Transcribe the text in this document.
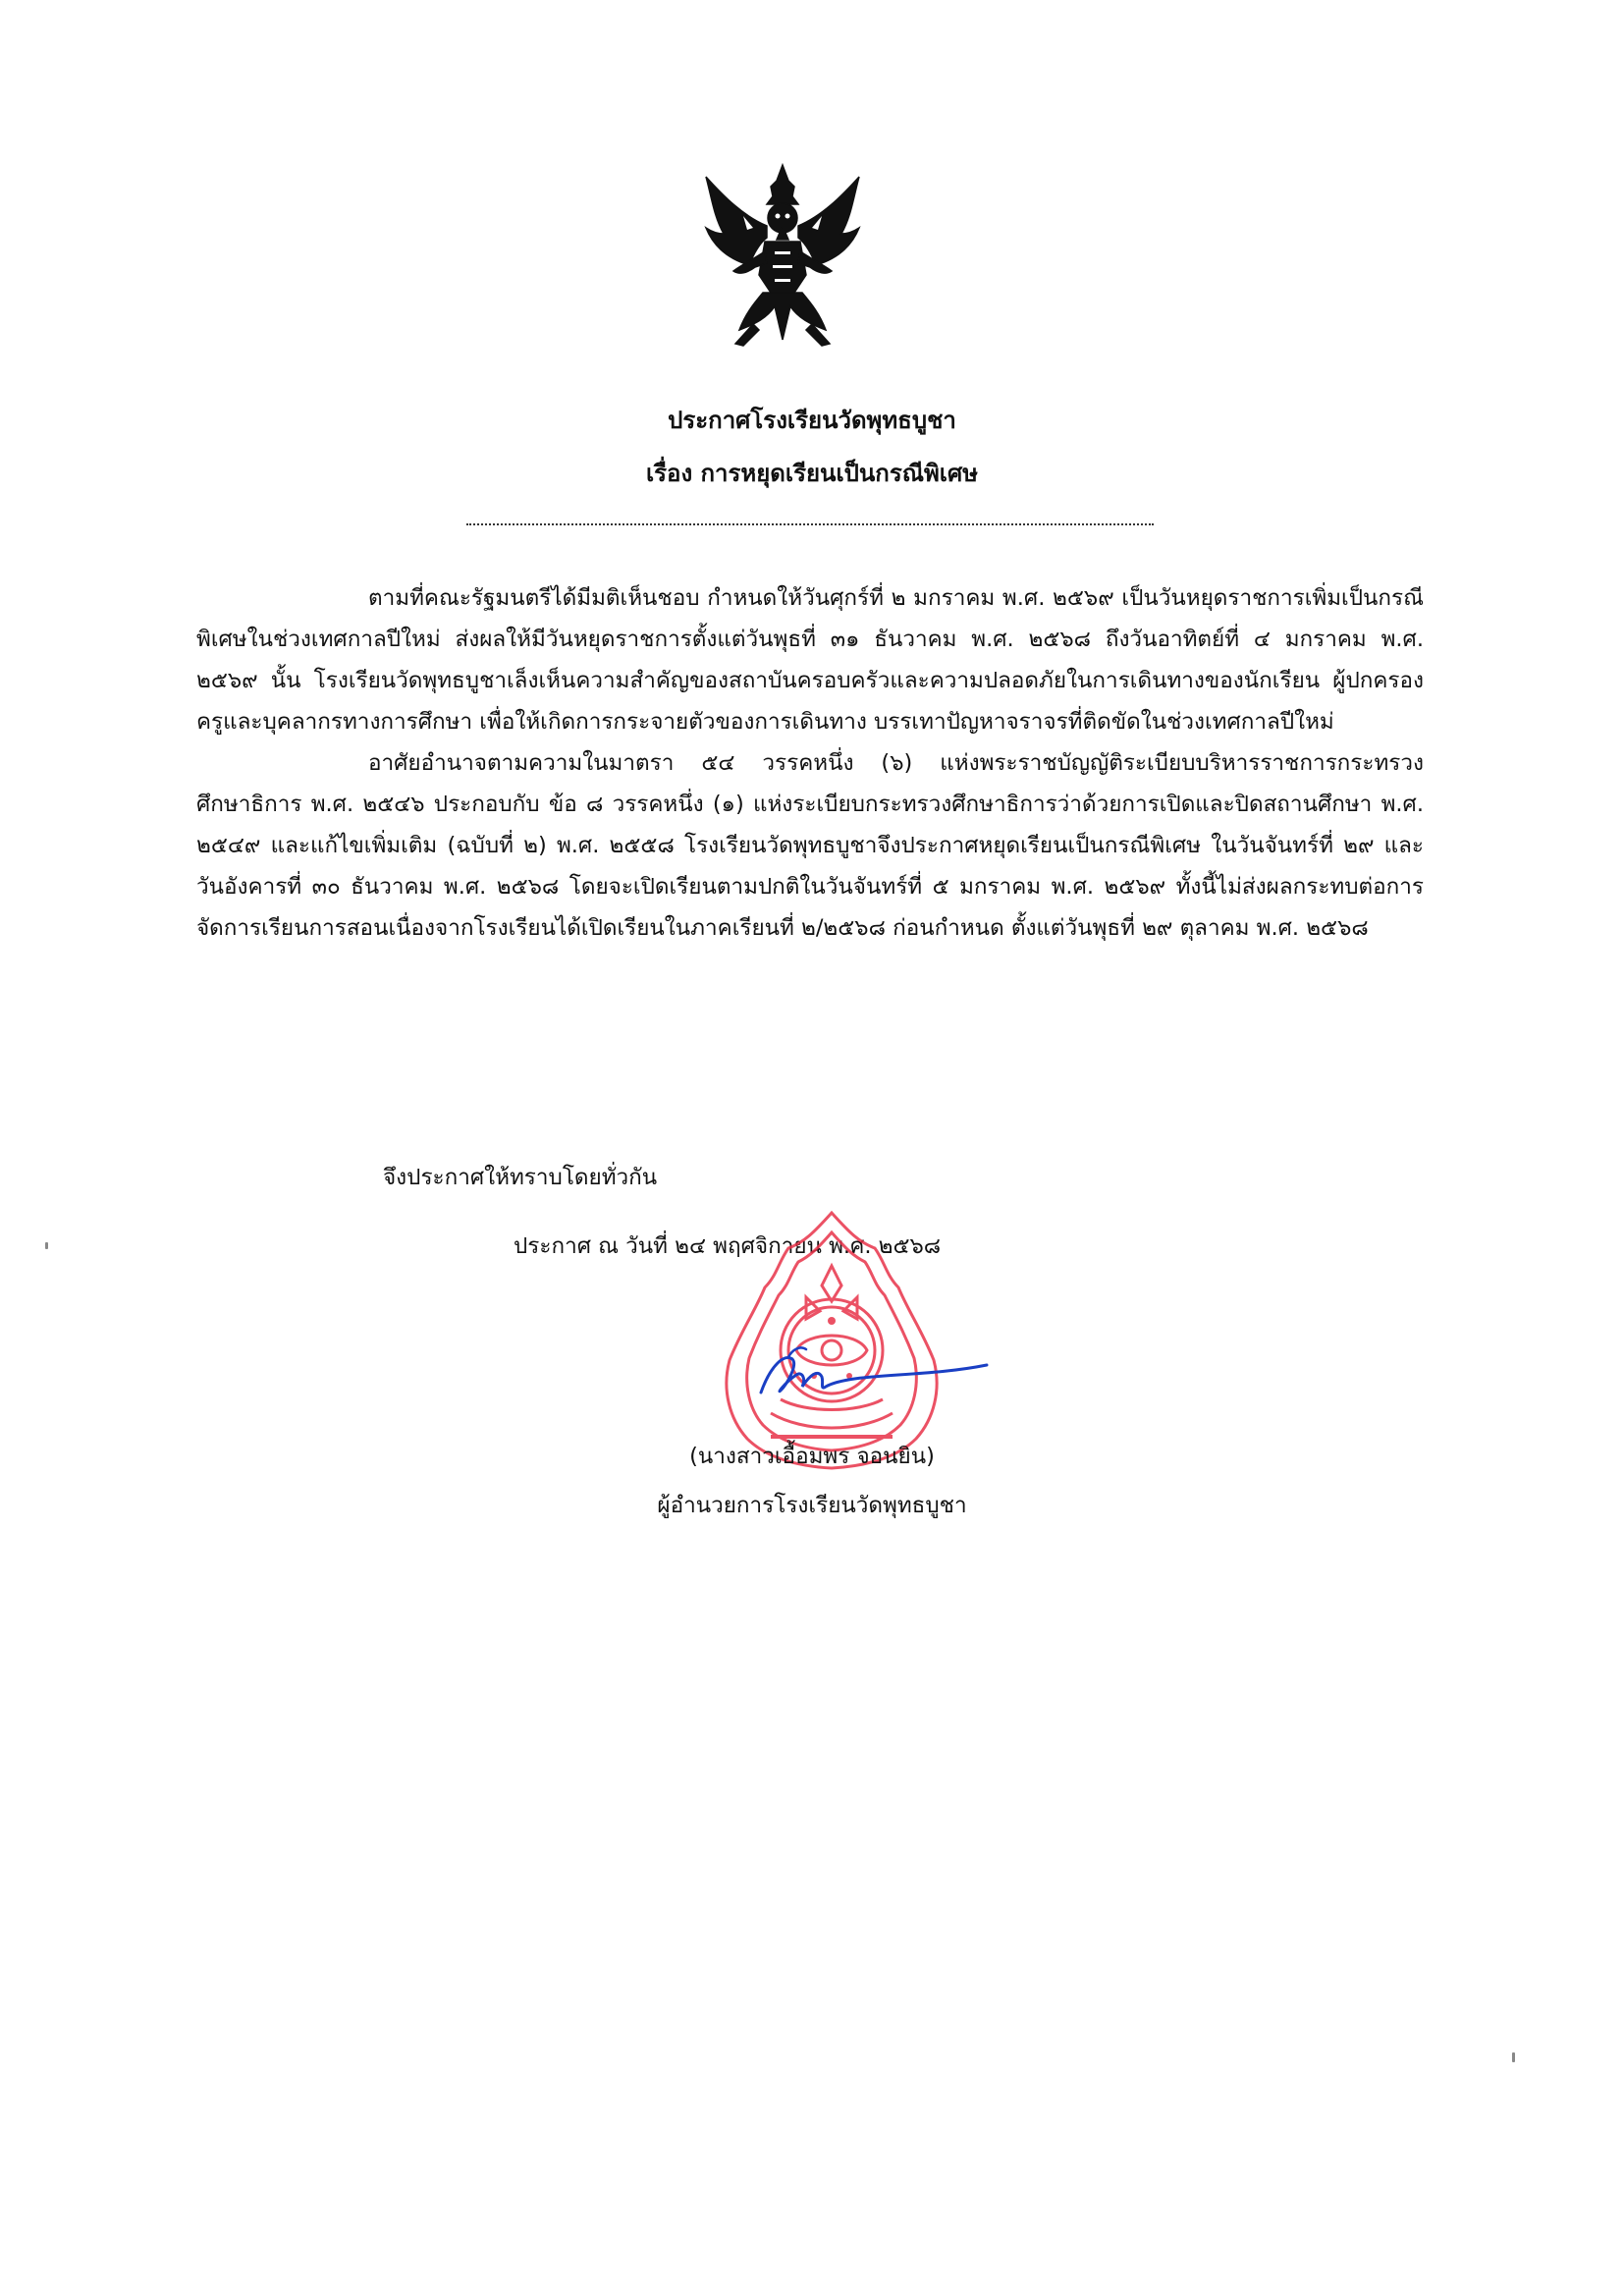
ประกาศโรงเรียนวัดพุทธบูชา
เรื่อง การหยุดเรียนเป็นกรณีพิเศษ

ตามที่คณะรัฐมนตรีได้มีมติเห็นชอบ กำหนดให้วันศุกร์ที่ ๒ มกราคม พ.ศ. ๒๕๖๙ เป็นวันหยุดราชการเพิ่มเป็นกรณีพิเศษในช่วงเทศกาลปีใหม่ ส่งผลให้มีวันหยุดราชการตั้งแต่วันพุธที่ ๓๑ ธันวาคม พ.ศ. ๒๕๖๘ ถึงวันอาทิตย์ที่ ๔ มกราคม พ.ศ. ๒๕๖๙ นั้น โรงเรียนวัดพุทธบูชาเล็งเห็นความสำคัญของสถาบันครอบครัวและความปลอดภัยในการเดินทางของนักเรียน ผู้ปกครอง ครูและบุคลากรทางการศึกษา เพื่อให้เกิดการกระจายตัวของการเดินทาง บรรเทาปัญหาจราจรที่ติดขัดในช่วงเทศกาลปีใหม่

อาศัยอำนาจตามความในมาตรา ๕๔ วรรคหนึ่ง (๖) แห่งพระราชบัญญัติระเบียบบริหารราชการกระทรวงศึกษาธิการ พ.ศ. ๒๕๔๖ ประกอบกับ ข้อ ๘ วรรคหนึ่ง (๑) แห่งระเบียบกระทรวงศึกษาธิการว่าด้วยการเปิดและปิดสถานศึกษา พ.ศ. ๒๕๔๙ และแก้ไขเพิ่มเติม (ฉบับที่ ๒) พ.ศ. ๒๕๕๘ โรงเรียนวัดพุทธบูชาจึงประกาศหยุดเรียนเป็นกรณีพิเศษ ในวันจันทร์ที่ ๒๙ และวันอังคารที่ ๓๐ ธันวาคม พ.ศ. ๒๕๖๘ โดยจะเปิดเรียนตามปกติในวันจันทร์ที่ ๕ มกราคม พ.ศ. ๒๕๖๙ ทั้งนี้ไม่ส่งผลกระทบต่อการจัดการเรียนการสอนเนื่องจากโรงเรียนได้เปิดเรียนในภาคเรียนที่ ๒/๒๕๖๘ ก่อนกำหนด ตั้งแต่วันพุธที่ ๒๙ ตุลาคม พ.ศ. ๒๕๖๘

จึงประกาศให้ทราบโดยทั่วกัน
ประกาศ ณ วันที่ ๒๔ พฤศจิกายน พ.ศ. ๒๕๖๘
(นางสาวเอื้อมพร จอนยิน)
ผู้อำนวยการโรงเรียนวัดพุทธบูชา
